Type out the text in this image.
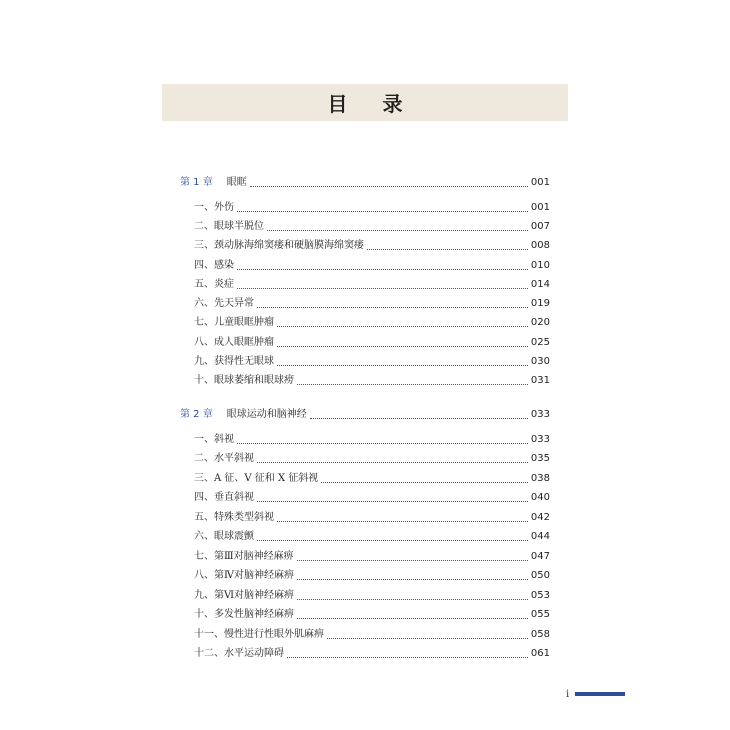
目 录
第 1 章 眼眶	001
一、外伤	001
二、眼球半脱位	007
三、颈动脉海绵窦瘘和硬脑膜海绵窦瘘	008
四、感染	010
五、炎症	014
六、先天异常	019
七、儿童眼眶肿瘤	020
八、成人眼眶肿瘤	025
九、获得性无眼球	030
十、眼球萎缩和眼球痨	031
第 2 章 眼球运动和脑神经	033
一、斜视	033
二、水平斜视	035
三、A 征、V 征和 X 征斜视	038
四、垂直斜视	040
五、特殊类型斜视	042
六、眼球震颤	044
七、第Ⅲ对脑神经麻痹	047
八、第Ⅳ对脑神经麻痹	050
九、第Ⅵ对脑神经麻痹	053
十、多发性脑神经麻痹	055
十一、慢性进行性眼外肌麻痹	058
十二、水平运动障碍	061
i
